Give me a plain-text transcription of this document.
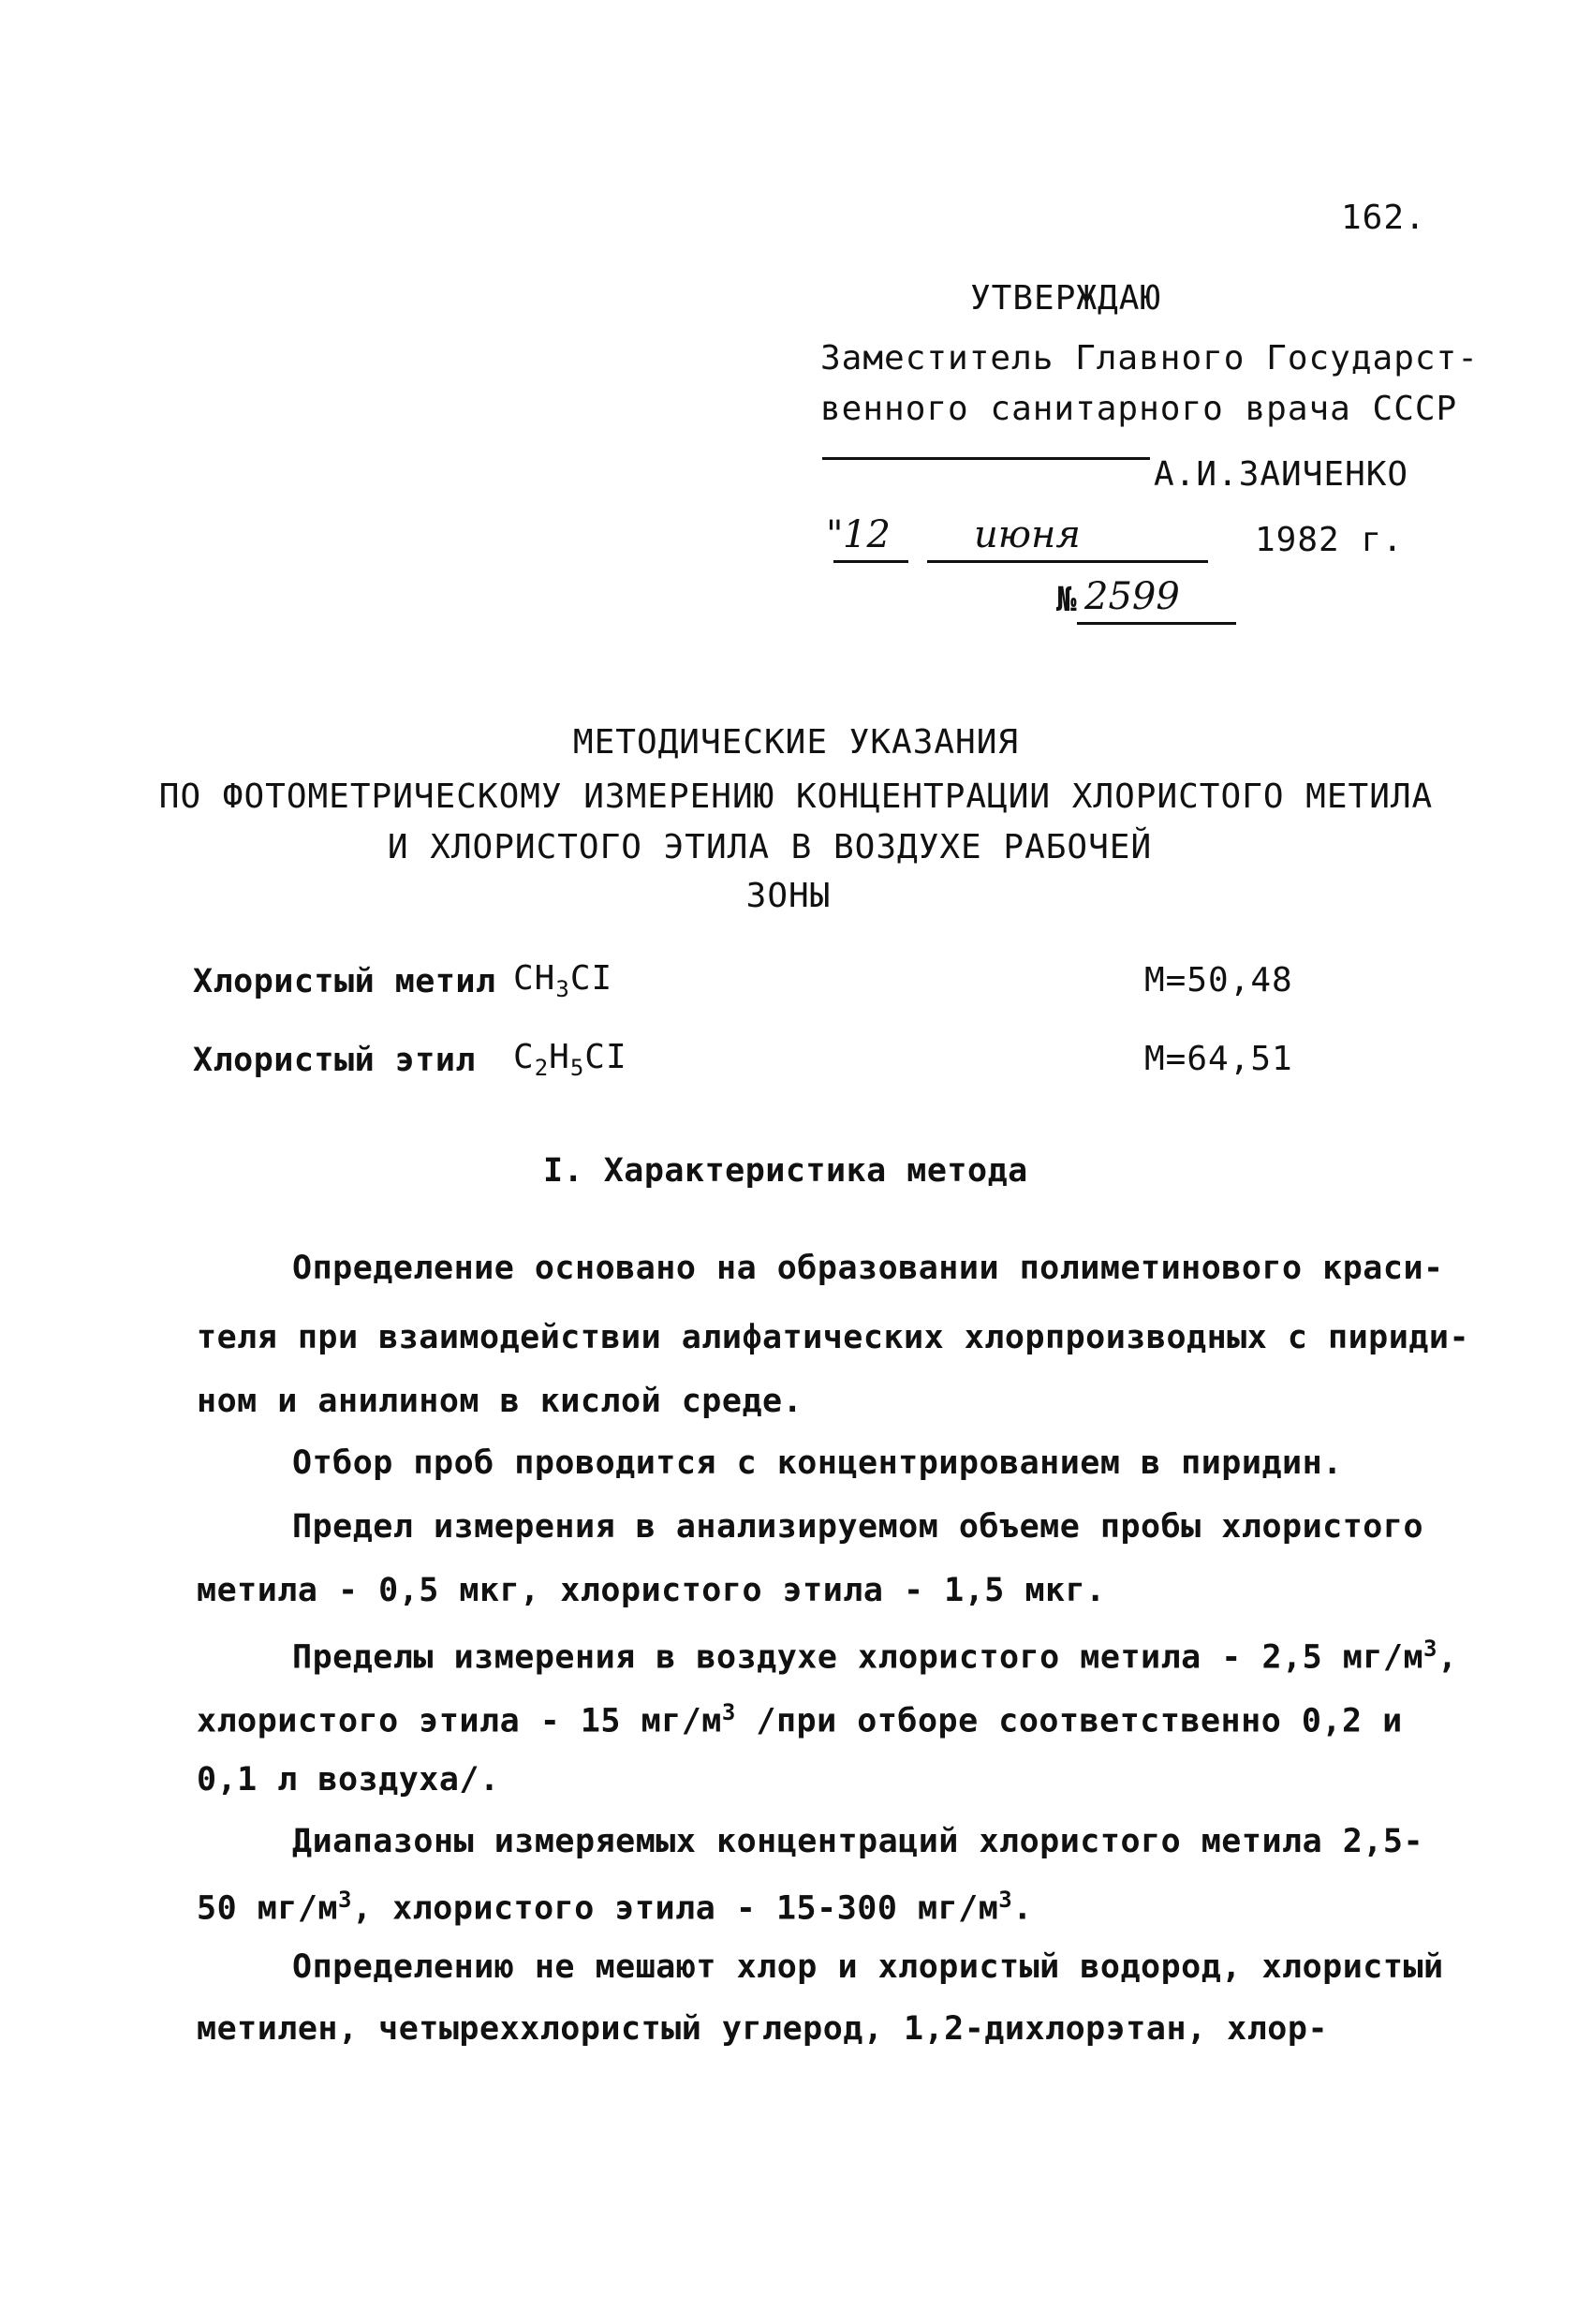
162.
УТВЕРЖДАЮ
Заместитель Главного Государст-
венного санитарного врача СССР
А.И.ЗАИЧЕНКО
" 12 июня	1982 г.
№ 2599
МЕТОДИЧЕСКИЕ УКАЗАНИЯ
ПО ФОТОМЕТРИЧЕСКОМУ ИЗМЕРЕНИЮ КОНЦЕНТРАЦИИ ХЛОРИСТОГО МЕТИЛА
И ХЛОРИСТОГО ЭТИЛА В ВОЗДУХЕ РАБОЧЕЙ
ЗОНЫ
Хлористый метил $CH_3CI$	M=50,48
Хлористый этил $C_2H_5CI$	M=64,51
I. Характеристика метода
Определение основано на образовании полиметинового краси-
теля при взаимодействии алифатических хлорпроизводных с пириди-
ном и анилином в кислой среде.
Отбор проб проводится с концентрированием в пиридин.
Предел измерения в анализируемом объеме пробы хлористого
метила - 0,5 мкг, хлористого этила - 1,5 мкг.
Пределы измерения в воздухе хлористого метила - 2,5 $мг/м^3$,
хлористого этила - 15 $мг/м^3$ /при отборе соответственно 0,2 и
0,1 л воздуха/.
Диапазоны измеряемых концентраций хлористого метила 2,5-
50 $мг/м^3$, хлористого этила - 15-300 $мг/м^3$.
Определению не мешают хлор и хлористый водород, хлористый
метилен, четыреххлористый углерод, 1,2-дихлорэтан, хлор-
